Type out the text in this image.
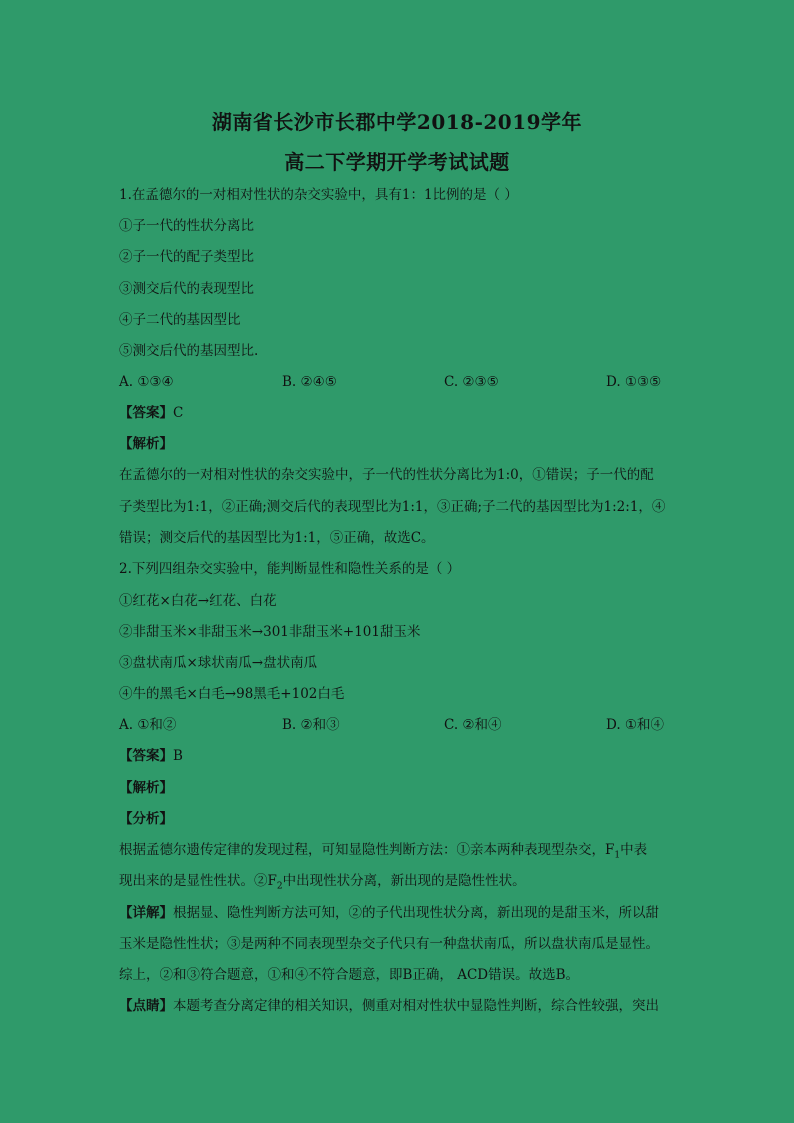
湖南省长沙市长郡中学2018-2019学年
高二下学期开学考试试题
1.在孟德尔的一对相对性状的杂交实验中，具有1：1比例的是（ ）
①子一代的性状分离比
②子一代的配子类型比
③测交后代的表现型比
④子二代的基因型比
⑤测交后代的基因型比.
A. ①③④	B. ②④⑤	C. ②③⑤	D. ①③⑤
【答案】C
【解析】
在孟德尔的一对相对性状的杂交实验中，子一代的性状分离比为1:0，①错误；子一代的配
子类型比为1:1，②正确;测交后代的表现型比为1:1，③正确;子二代的基因型比为1:2:1，④
错误；测交后代的基因型比为1:1，⑤正确，故选C。
2.下列四组杂交实验中，能判断显性和隐性关系的是（ ）
①红花×白花→红花、白花
②非甜玉米×非甜玉米→301非甜玉米+101甜玉米
③盘状南瓜×球状南瓜→盘状南瓜
④牛的黑毛×白毛→98黑毛+102白毛
A. ①和②	B. ②和③	C. ②和④	D. ①和④
【答案】B
【解析】
【分析】
根据孟德尔遗传定律的发现过程，可知显隐性判断方法：①亲本两种表现型杂交，$F_1$中表
现出来的是显性性状。$②F_2$中出现性状分离，新出现的是隐性性状。
【详解】根据显、隐性判断方法可知，②的子代出现性状分离，新出现的是甜玉米，所以甜
玉米是隐性性状；③是两种不同表现型杂交子代只有一种盘状南瓜，所以盘状南瓜是显性。
综上，②和③符合题意，①和④不符合题意，即B正确， ACD错误。故选B。
【点睛】本题考查分离定律的相关知识，侧重对相对性状中显隐性判断，综合性较强，突出
